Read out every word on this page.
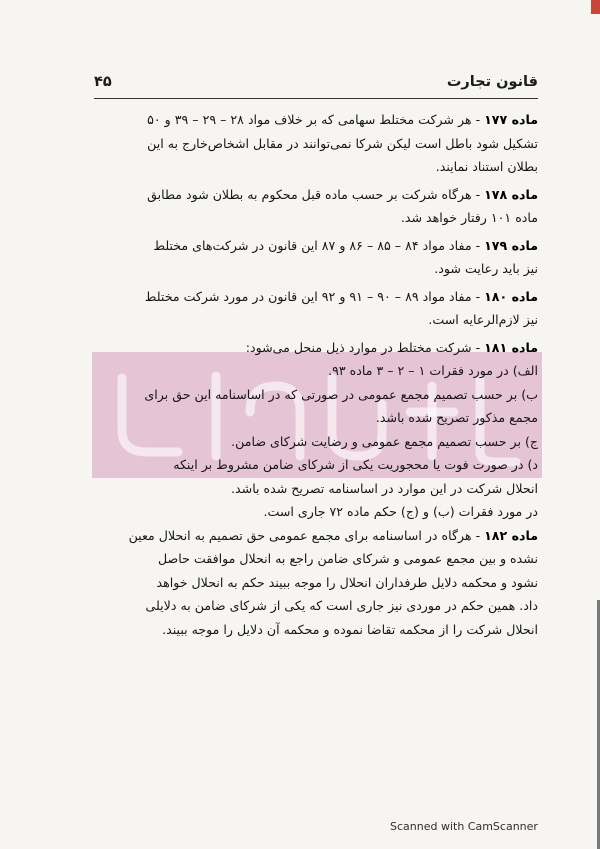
قانون تجارت
۴۵
ماده ۱۷۷ - هر شرکت مختلط سهامی که بر خلاف مواد ۲۸ – ۲۹ – ۳۹ و ۵۰
تشکیل شود باطل است لیکن شرکا نمی‌توانند در مقابل اشخاص‌خارج به این
بطلان استناد نمایند.
ماده ۱۷۸ - هرگاه شرکت بر حسب ماده قبل محکوم به بطلان شود مطابق
ماده ۱۰۱ رفتار خواهد شد.
ماده ۱۷۹ - مفاد مواد ۸۴ – ۸۵ – ۸۶ و ۸۷ این قانون در شرکت‌های مختلط
نیز باید رعایت شود.
ماده ۱۸۰ - مفاد مواد ۸۹ – ۹۰ – ۹۱ و ۹۲ این قانون در مورد شرکت مختلط
نیز لازم‌الرعایه است.
ماده ۱۸۱ - شرکت مختلط در موارد ذیل منحل می‌شود:
الف) در مورد فقرات ۱ – ۲ – ۳ ماده ۹۳.
ب) بر حسب تصمیم مجمع عمومی در صورتی که در اساسنامه این حق برای
مجمع مذکور تصریح شده باشد.
ج) بر حسب تصمیم مجمع عمومی و رضایت شرکای ضامن.
د) در صورت فوت یا محجوریت یکی از شرکای ضامن مشروط بر اینکه
انحلال شرکت در این موارد در اساسنامه تصریح شده باشد.
در مورد فقرات (ب) و (ج) حکم ماده ۷۲ جاری است.
ماده ۱۸۲ - هرگاه در اساسنامه برای مجمع عمومی حق تصمیم به انحلال معین
نشده و بین مجمع عمومی و شرکای ضامن راجع به انحلال موافقت حاصل
نشود و محکمه دلایل طرفداران انحلال را موجه ببیند حکم به انحلال خواهد
داد. همین حکم در موردی نیز جاری است که یکی از شرکای ضامن به دلایلی
انحلال شرکت را از محکمه تقاضا نموده و محکمه آن دلایل را موجه ببیند.
Scanned with CamScanner
